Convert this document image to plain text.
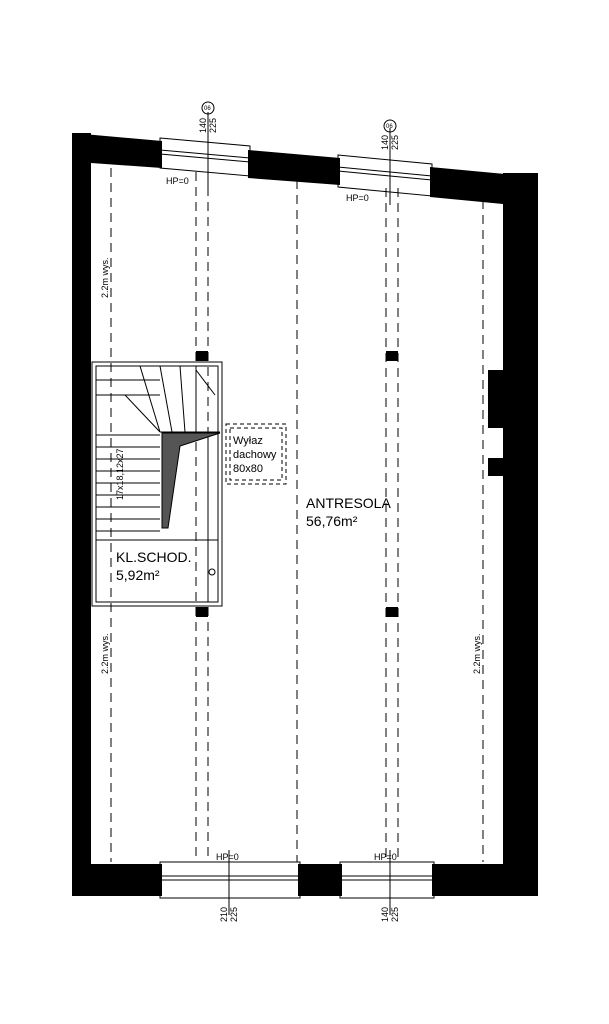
ANTRESOLA
56,76m²
KL.SCHOD.
5,92m²
17x18,12x27
Wyłaz
dachowy
80x80
2.2m wys.
2.2m wys.	2.2m wys.
HP=0
140 225
06
HP=0
140 225
06
HP=0
210 225
HP=0
140 225
